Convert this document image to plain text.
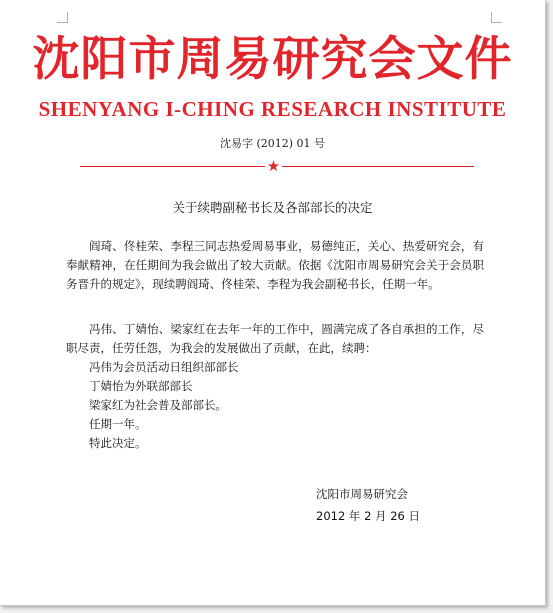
沈阳市周易研究会文件
SHENYANG I-CHING RESEARCH INSTITUTE
沈易字 (2012) 01 号
★
关于续聘副秘书长及各部部长的决定

阎琦、佟桂荣、李程三同志热爱周易事业，易德纯正，关心、热爱研究会，有奉献精神，在任期间为我会做出了较大贡献。依据《沈阳市周易研究会关于会员职务晋升的规定》，现续聘阎琦、佟桂荣、李程为我会副秘书长，任期一年。

冯伟、丁婧怡、梁家红在去年一年的工作中，圆满完成了各自承担的工作，尽职尽责，任劳任怨，为我会的发展做出了贡献，在此，续聘：

冯伟为会员活动日组织部部长
丁婧怡为外联部部长
梁家红为社会普及部部长。
任期一年。
特此决定。
沈阳市周易研究会
2012 年 2 月 26 日
